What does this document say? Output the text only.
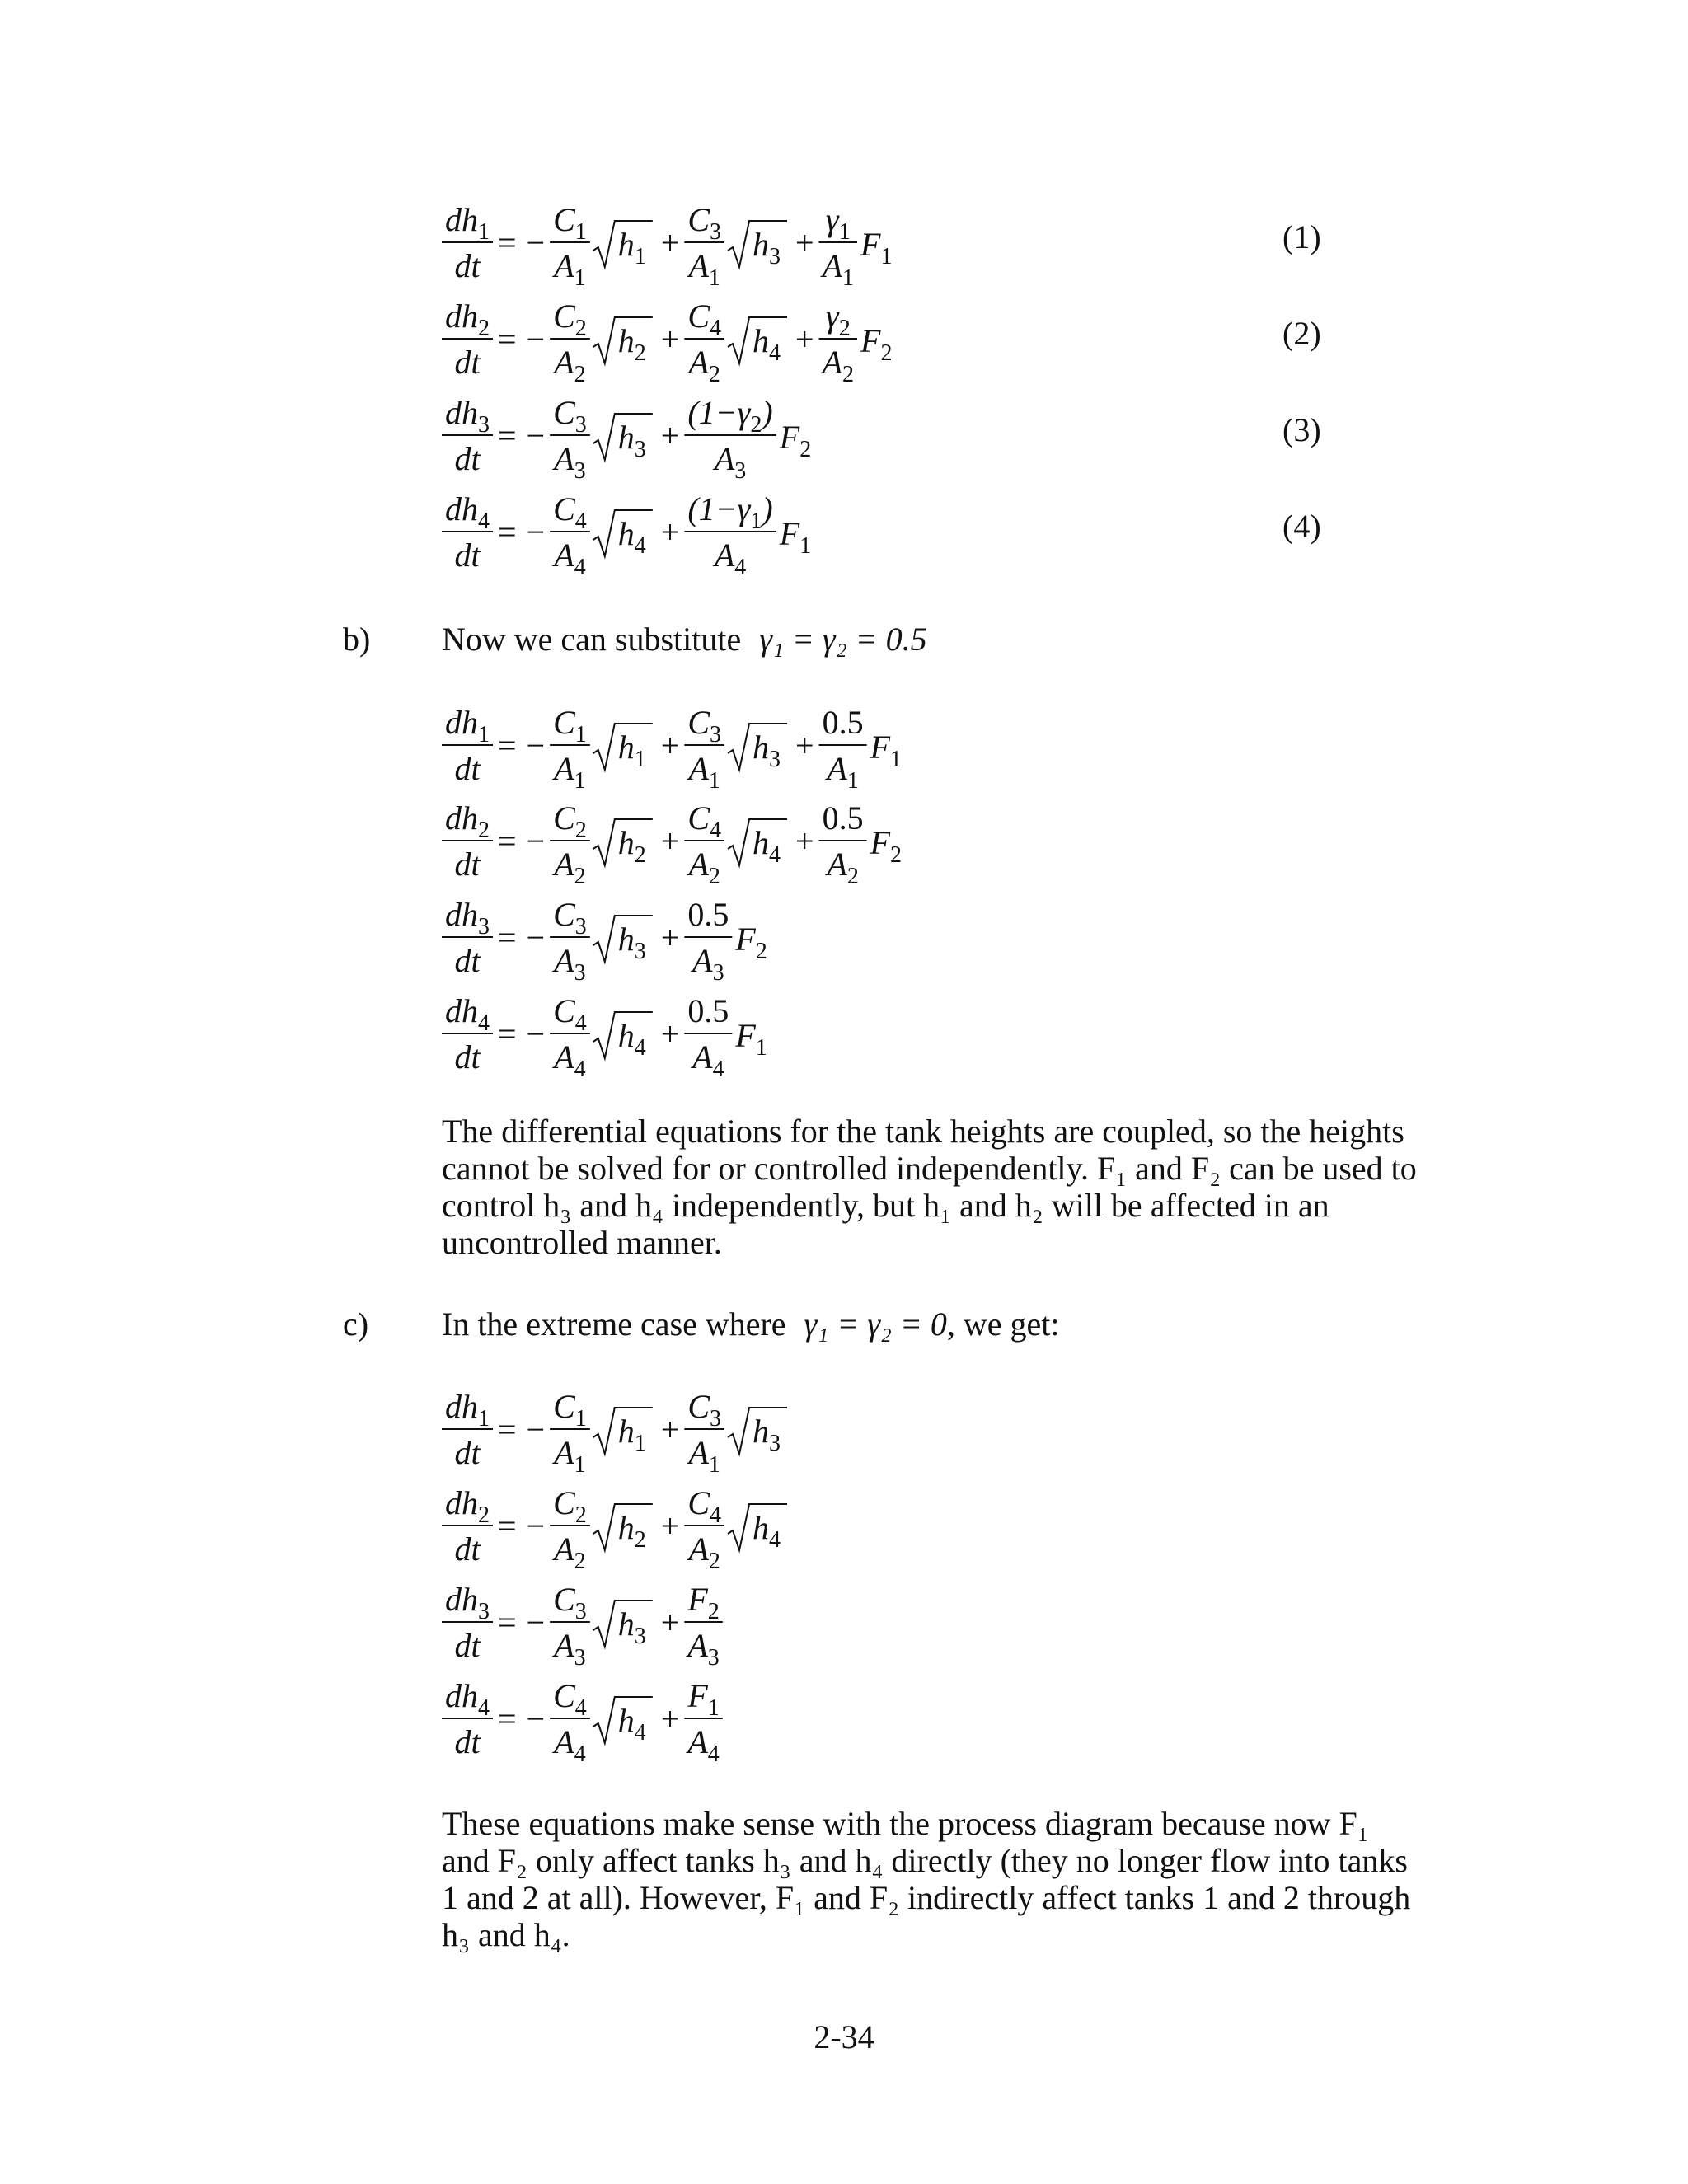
$dh_1$
dt
= −
$C_1$
$A_1$
$h_1$ +
$C_3$
$A_1$
$h_3$ +
$\gamma_1$
$A_1$
$F_1$
(1)
$dh_2$
dt
= −
$C_2$
$A_2$
$h_2$ +
$C_4$
$A_2$
$h_4$ +
$\gamma_2$
$A_2$
$F_2$
(2)
$dh_3$
dt
= −
$C_3$
$A_3$
$h_3$ +
$(1-\gamma_2)$
$A_3$
$F_2$
(3)
$dh_4$
dt
= −
$C_4$
$A_4$
$h_4$ +
$(1-\gamma_1)$
$A_4$
$F_1$
(4)
b) Now we can substitute γ₁ = γ₂ = 0.5
$dh_1$
dt
= −
$C_1$
$A_1$
$h_1$ +
$C_3$
$A_1$
$h_3$ +
0.5
$A_1$
$F_1$
$dh_2$
dt
= −
$C_2$
$A_2$
$h_2$ +
$C_4$
$A_2$
$h_4$ +
0.5
$A_2$
$F_2$
$dh_3$
dt
= −
$C_3$
$A_3$
$h_3$ +
0.5
$A_3$
$F_2$
$dh_4$
dt
= −
$C_4$
$A_4$
$h_4$ +
0.5
$A_4$
$F_1$

The differential equations for the tank heights are coupled, so the heights cannot be solved for or controlled independently. F₁ and F₂ can be used to control h₃ and h₄ independently, but h₁ and h₂ will be affected in an uncontrolled manner.

c) In the extreme case where γ₁ = γ₂ = 0, we get:
$dh_1$
dt
= −
$C_1$
$A_1$
$h_1$ +
$C_3$
$A_1$
$h_3$
$dh_2$
dt
= −
$C_2$
$A_2$
$h_2$ +
$C_4$
$A_2$
$h_4$
$dh_3$
dt
= −
$C_3$
$A_3$
$h_3$ +
$F_2$
$A_3$
$dh_4$
dt
= −
$C_4$
$A_4$
$h_4$ +
$F_1$
$A_4$

These equations make sense with the process diagram because now F₁ and F₂ only affect tanks h₃ and h₄ directly (they no longer flow into tanks 1 and 2 at all). However, F₁ and F₂ indirectly affect tanks 1 and 2 through h₃ and h₄.

2-34
